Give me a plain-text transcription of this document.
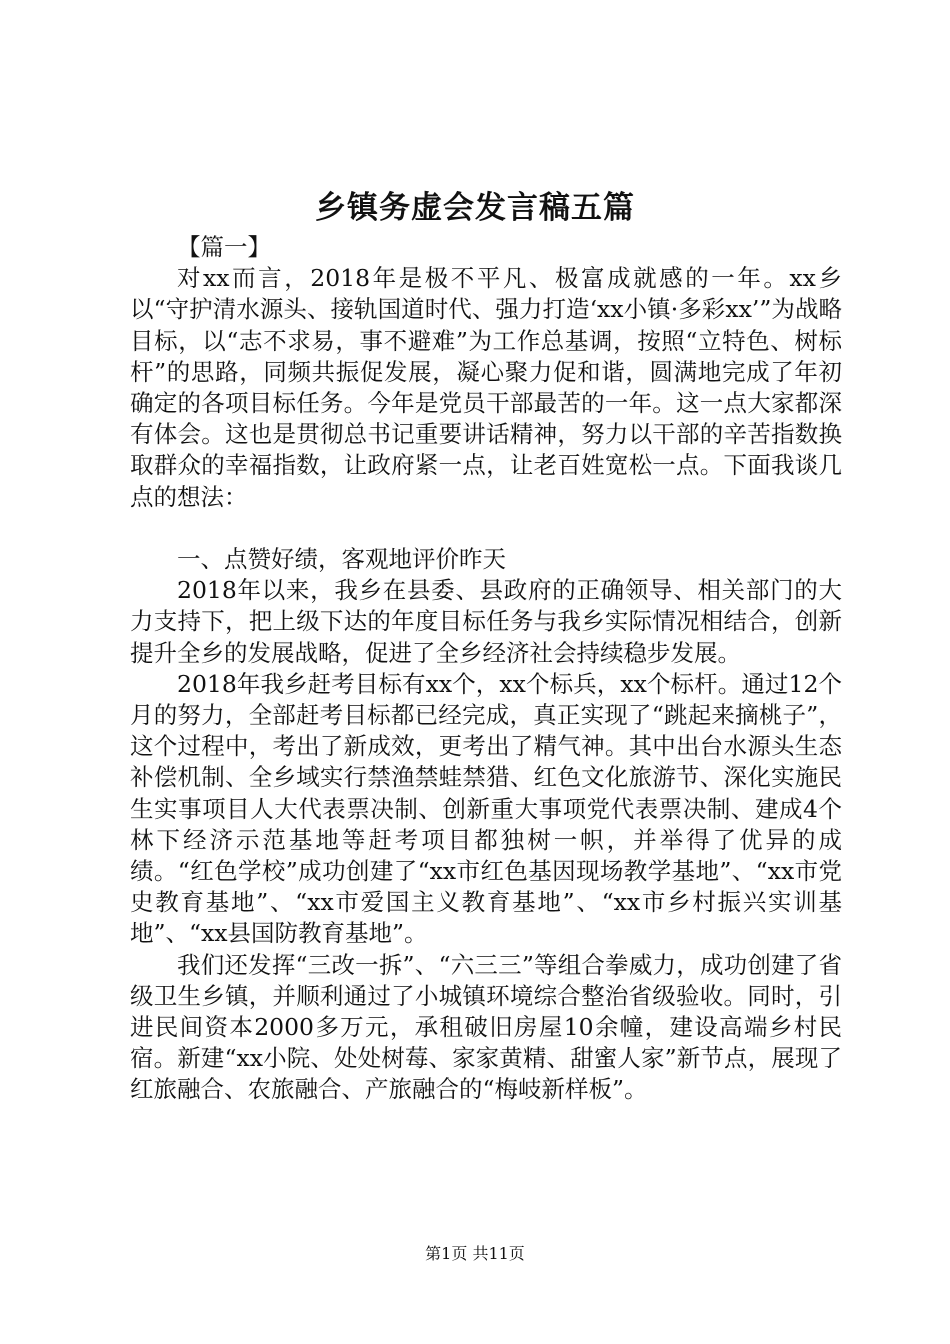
乡镇务虚会发言稿五篇

【篇一】

对xx而言，2018年是极不平凡、极富成就感的一年。xx乡以“守护清水源头、接轨国道时代、强力打造‘xx小镇·多彩xx’”为战略目标，以“志不求易，事不避难”为工作总基调，按照“立特色、树标杆”的思路，同频共振促发展，凝心聚力促和谐，圆满地完成了年初确定的各项目标任务。今年是党员干部最苦的一年。这一点大家都深有体会。这也是贯彻总书记重要讲话精神，努力以干部的辛苦指数换取群众的幸福指数，让政府紧一点，让老百姓宽松一点。下面我谈几点的想法：

一、点赞好绩，客观地评价昨天

2018年以来，我乡在县委、县政府的正确领导、相关部门的大力支持下，把上级下达的年度目标任务与我乡实际情况相结合，创新提升全乡的发展战略，促进了全乡经济社会持续稳步发展。

2018年我乡赶考目标有xx个，xx个标兵，xx个标杆。通过12个月的努力，全部赶考目标都已经完成，真正实现了“跳起来摘桃子”，这个过程中，考出了新成效，更考出了精气神。其中出台水源头生态补偿机制、全乡域实行禁渔禁蛙禁猎、红色文化旅游节、深化实施民生实事项目人大代表票决制、创新重大事项党代表票决制、建成4个林下经济示范基地等赶考项目都独树一帜，并举得了优异的成绩。“红色学校”成功创建了“xx市红色基因现场教学基地”、“xx市党史教育基地”、“xx市爱国主义教育基地”、“xx市乡村振兴实训基地”、“xx县国防教育基地”。

我们还发挥“三改一拆”、“六三三”等组合拳威力，成功创建了省级卫生乡镇，并顺利通过了小城镇环境综合整治省级验收。同时，引进民间资本2000多万元，承租破旧房屋10余幢，建设高端乡村民宿。新建“xx小院、处处树莓、家家黄精、甜蜜人家”新节点，展现了红旅融合、农旅融合、产旅融合的“梅岐新样板”。

第1页 共11页
